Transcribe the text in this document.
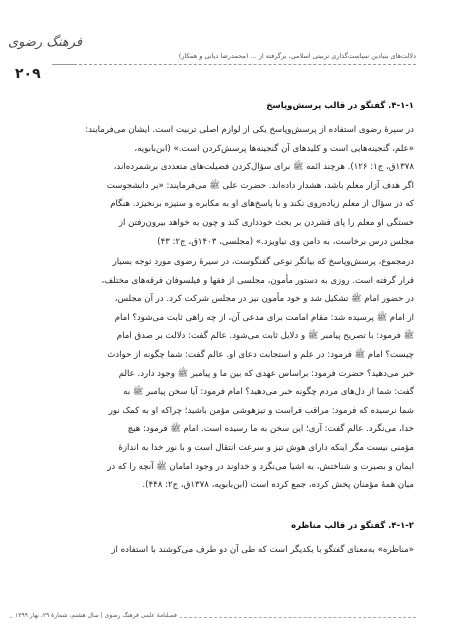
فرهنگ رضوی
۲۰۹
دلالت‌های بنیادین سیاست‌گذاری تربیتی اسلامی، برگرفته از ... (محمدرضا دیانی و همکار)
۴-۱-۱. گفتگو در قالب پرسش‌وپاسخ
در سیرهٔ رضوی استفاده از پرسش‌وپاسخ یکی از لوازم اصلی تربیت است. ایشان می‌فرمایند:
«علم، گنجینه‌هایی است و کلیدهای آن گنجینه‌ها پرسش‌کردن است.» (ابن‌بابویه،
۱۳۷۸ق، ج۱: ۱۲۶). هرچند ائمه ﷺ برای سؤال‌کردن فضیلت‌های متعددی برشمرده‌اند،
اگر هدف آزار معلم باشد، هشدار داده‌اند. حضرت علی ﷺ می‌فرمایند: «بر دانشجوست
که در سؤال از معلم زیاده‌روی نکند و با پاسخ‌های او به مکابره و ستیزه برنخیزد. هنگام
خستگی او معلم را پای فشردن بر بحث خودداری کند و چون به خواهد بیرون‌رفتن از
مجلس درس برخاست، به دامن وی نیاویزد.» (مجلسی، ۱۴۰۳ق، ج۲: ۴۳)
درمجموع، پرسش‌وپاسخ که بیانگر نوعی گفتگوست، در سیرهٔ رضوی مورد توجه بسیار
قرار گرفته است. روزی به دستور مأمون، مجلسی از فقها و فیلسوفان فرقه‌های مختلف،
در حضور امام ﷺ تشکیل شد و خود مأمون نیز در مجلس شرکت کرد. در آن مجلس،
از امام ﷺ پرسیده شد: مقام امامت برای مدعی آن، از چه راهی ثابت می‌شود؟ امام
ﷺ فرمود: با تصریح پیامبر ﷺ و دلایل ثابت می‌شود. عالم گفت: دلالت بر صدق امام
چیست؟ امام ﷺ فرمود: در علم و استجابت دعای او. عالم گفت: شما چگونه از حوادث
خبر می‌دهید؟ حضرت فرمود: براساس عهدی که بین ما و پیامبر ﷺ وجود دارد. عالم
گفت: شما از دل‌های مردم چگونه خبر می‌دهید؟ امام فرمود: آیا سخن پیامبر ﷺ به
شما نرسیده که فرمود: مراقب فراست و تیزهوشی مؤمن باشید؛ چراکه او به کمک نور
خدا، می‌نگرد. عالم گفت: آری؛ این سخن به ما رسیده است. امام ﷺ فرمود: هیچ
مؤمنی نیست مگر اینکه دارای هوش تیز و سرعت انتقال است و با نور خدا به اندازهٔ
ایمان و بصیرت و شناختش، به اشیا می‌نگرد و خداوند در وجود امامان ﷺ آنچه را که در
میان همهٔ مؤمنان پخش کرده، جمع کرده است (ابن‌بابویه، ۱۳۷۸ق، ج۲: ۴۴۸).
۴-۱-۲. گفتگو در قالب مناظره
«مناظره» به‌معنای گفتگو با یکدیگر است که طی آن دو طرف می‌کوشند با استفاده از
فصلنامهٔ علمی فرهنگ رضوی | سال هشتم، شمارهٔ ۲۹، بهار ۱۳۹۹
